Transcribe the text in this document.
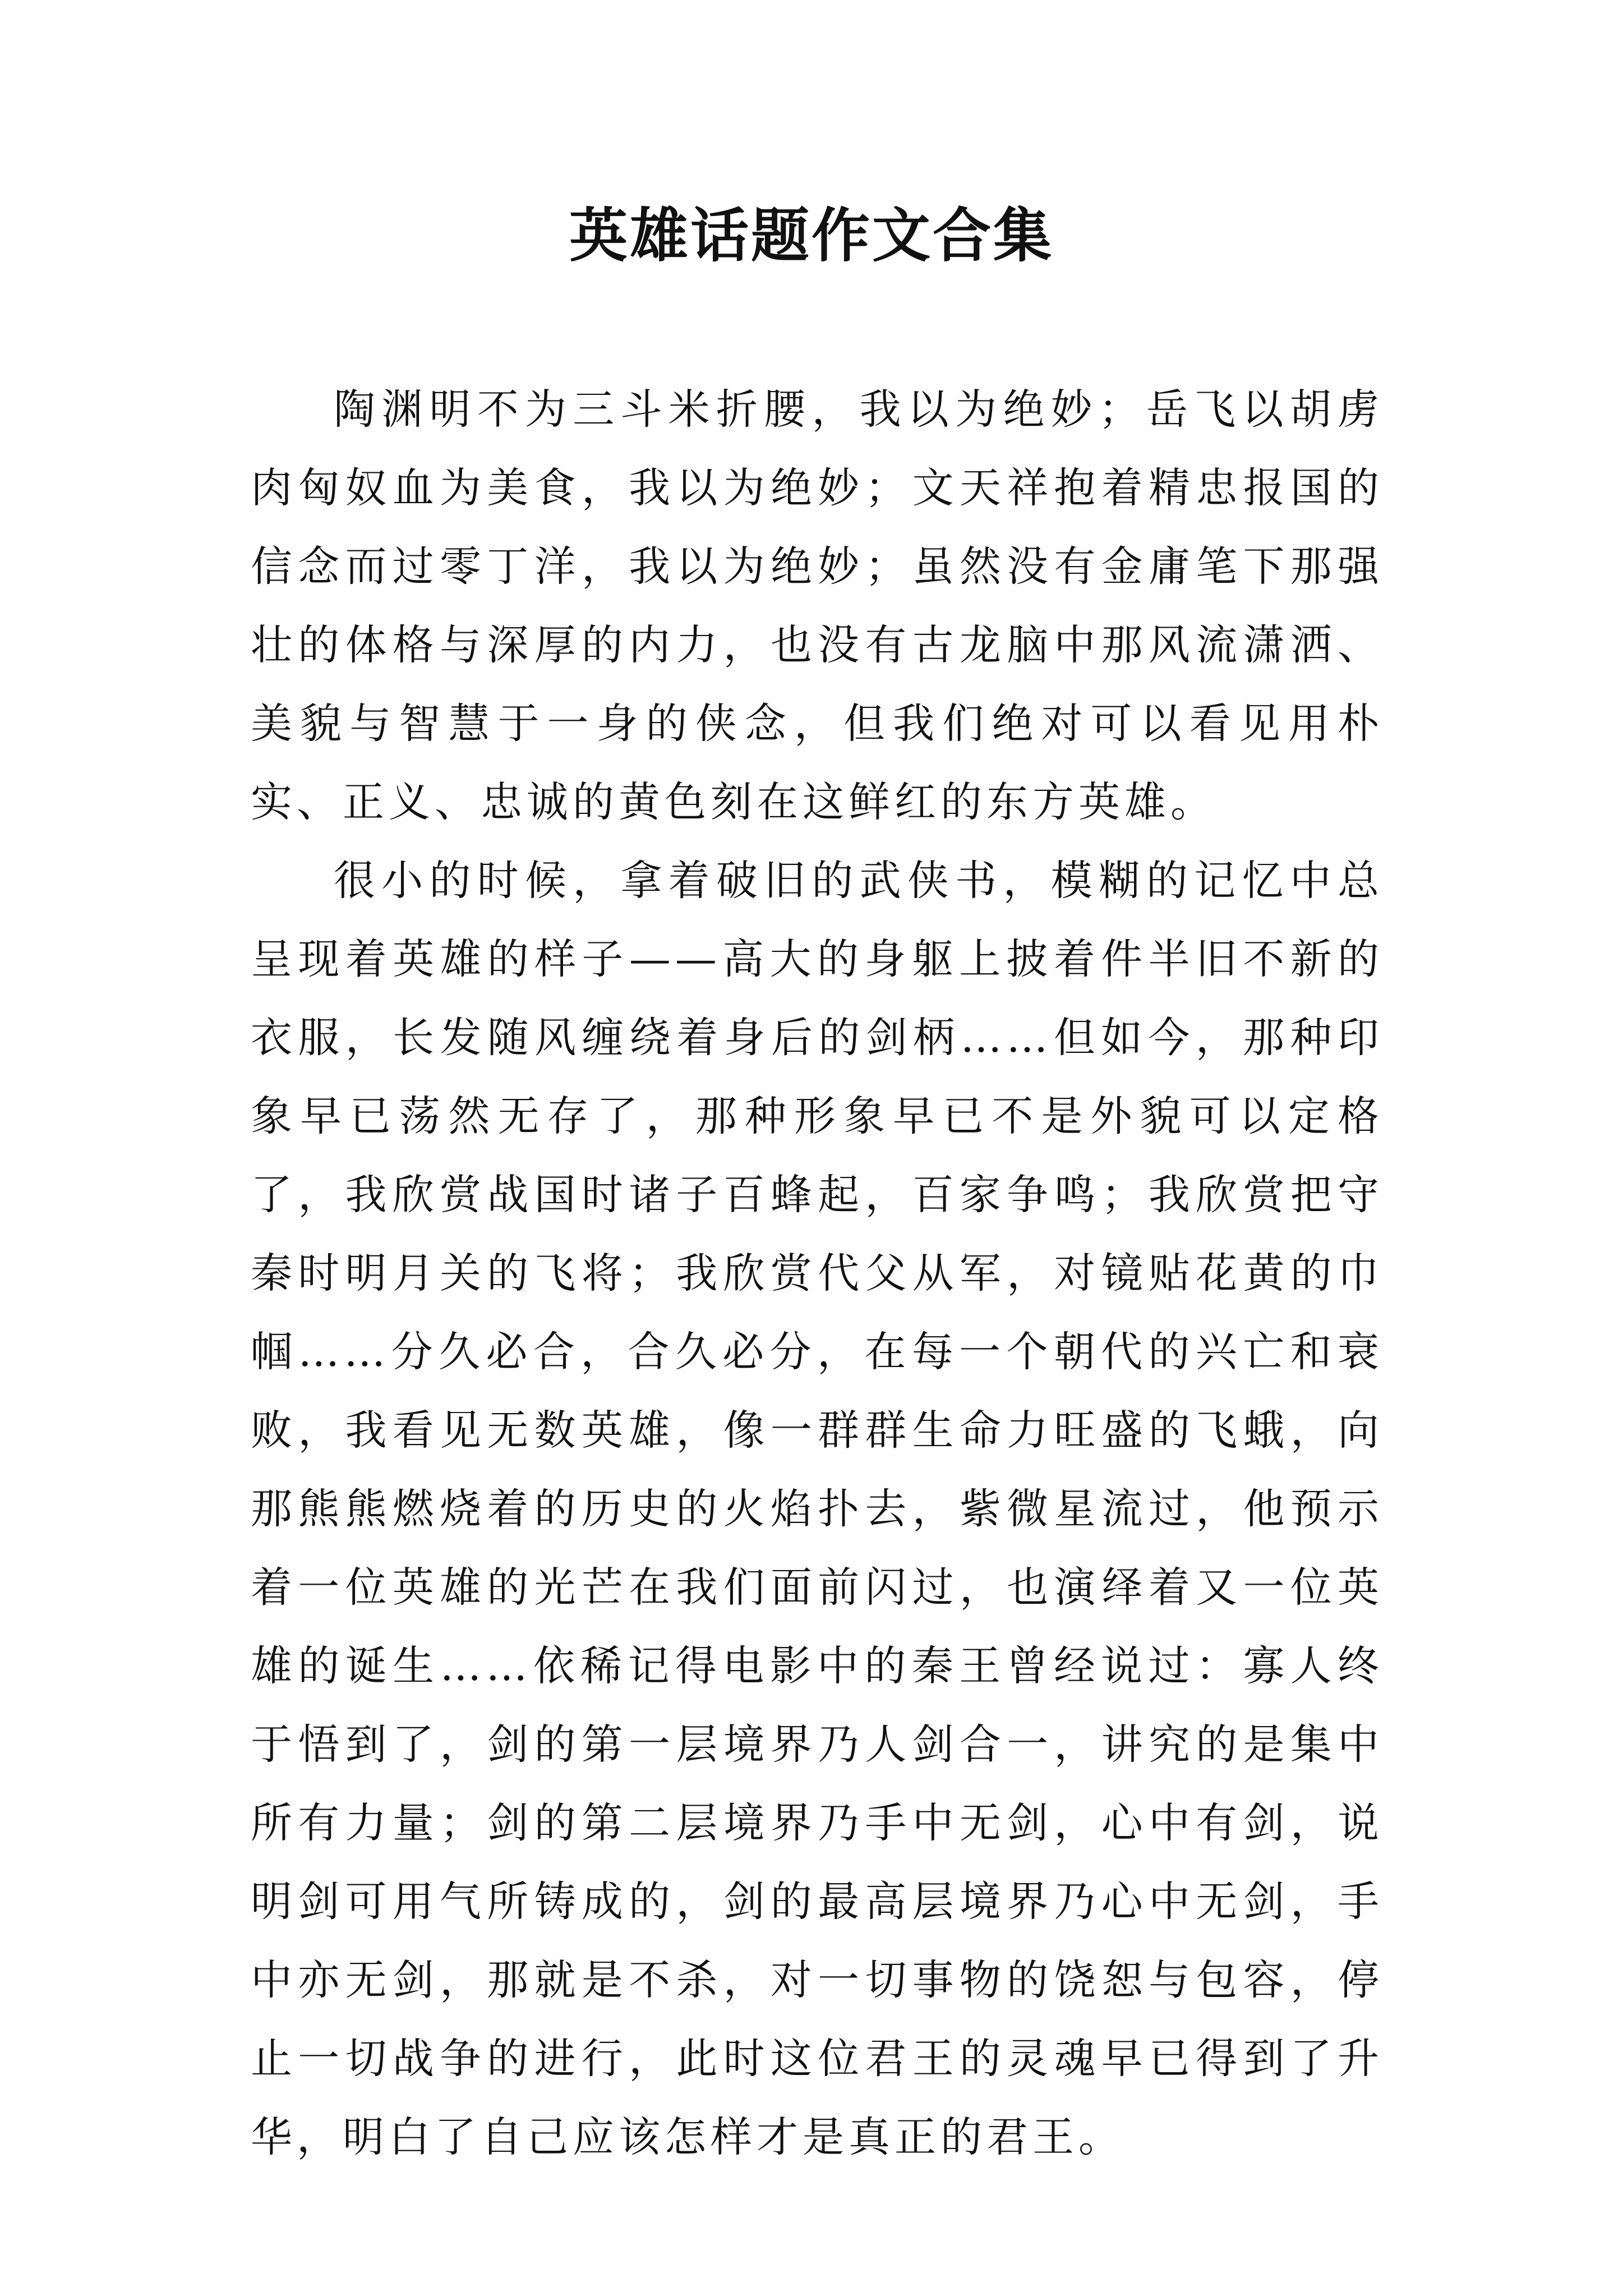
英雄话题作文合集

陶渊明不为三斗米折腰，我以为绝妙；岳飞以胡虏肉匈奴血为美食，我以为绝妙；文天祥抱着精忠报国的信念而过零丁洋，我以为绝妙；虽然没有金庸笔下那强壮的体格与深厚的内力，也没有古龙脑中那风流潇洒、美貌与智慧于一身的侠念，但我们绝对可以看见用朴实、正义、忠诚的黄色刻在这鲜红的东方英雄。

很小的时候，拿着破旧的武侠书，模糊的记忆中总呈现着英雄的样子——高大的身躯上披着件半旧不新的衣服，长发随风缠绕着身后的剑柄……但如今，那种印象早已荡然无存了，那种形象早已不是外貌可以定格了，我欣赏战国时诸子百蜂起，百家争鸣；我欣赏把守秦时明月关的飞将；我欣赏代父从军，对镜贴花黄的巾帼……分久必合，合久必分，在每一个朝代的兴亡和衰败，我看见无数英雄，像一群群生命力旺盛的飞蛾，向那熊熊燃烧着的历史的火焰扑去，紫微星流过，他预示着一位英雄的光芒在我们面前闪过，也演绎着又一位英雄的诞生……依稀记得电影中的秦王曾经说过：寡人终于悟到了，剑的第一层境界乃人剑合一，讲究的是集中所有力量；剑的第二层境界乃手中无剑，心中有剑，说明剑可用气所铸成的，剑的最高层境界乃心中无剑，手中亦无剑，那就是不杀，对一切事物的饶恕与包容，停止一切战争的进行，此时这位君王的灵魂早已得到了升华，明白了自己应该怎样才是真正的君王。
